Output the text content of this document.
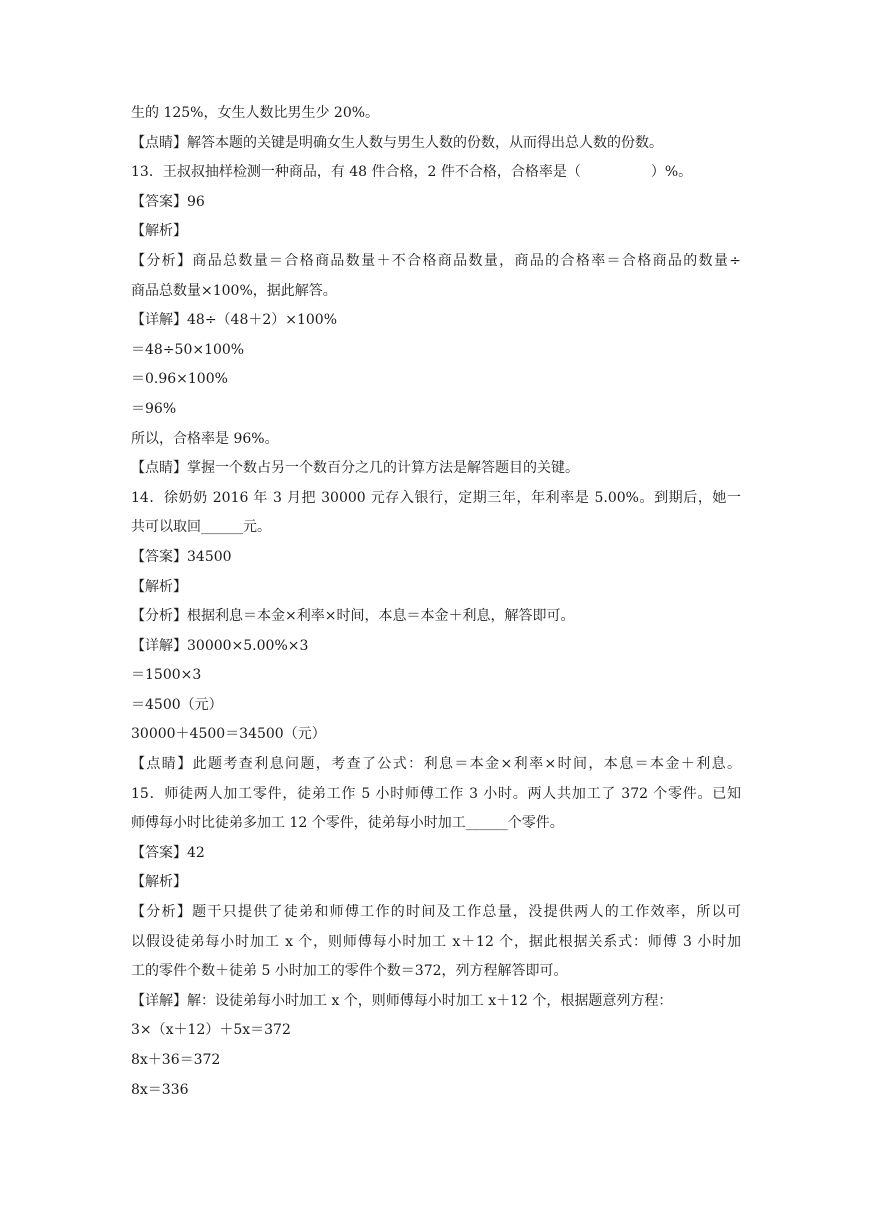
生的 125%，女生人数比男生少 20%。
【点睛】解答本题的关键是明确女生人数与男生人数的份数，从而得出总人数的份数。
13．王叔叔抽样检测一种商品，有 48 件合格，2 件不合格，合格率是（　　　　　）%。
【答案】96
【解析】
【分析】商品总数量＝合格商品数量＋不合格商品数量，商品的合格率＝合格商品的数量÷
商品总数量×100%，据此解答。
【详解】48÷（48＋2）×100%
＝48÷50×100%
＝0.96×100%
＝96%
所以，合格率是 96%。
【点睛】掌握一个数占另一个数百分之几的计算方法是解答题目的关键。
14．徐奶奶 2016 年 3 月把 30000 元存入银行，定期三年，年利率是 5.00%。到期后，她一
共可以取回______元。
【答案】34500
【解析】
【分析】根据利息＝本金×利率×时间，本息＝本金＋利息，解答即可。
【详解】30000×5.00%×3
＝1500×3
＝4500（元）
30000＋4500＝34500（元）
【点睛】此题考查利息问题，考查了公式：利息＝本金×利率×时间，本息＝本金＋利息。
15．师徒两人加工零件，徒弟工作 5 小时师傅工作 3 小时。两人共加工了 372 个零件。已知
师傅每小时比徒弟多加工 12 个零件，徒弟每小时加工______个零件。
【答案】42
【解析】
【分析】题干只提供了徒弟和师傅工作的时间及工作总量，没提供两人的工作效率，所以可
以假设徒弟每小时加工 x 个，则师傅每小时加工 x＋12 个，据此根据关系式：师傅 3 小时加
工的零件个数＋徒弟 5 小时加工的零件个数＝372，列方程解答即可。
【详解】解：设徒弟每小时加工 x 个，则师傅每小时加工 x＋12 个，根据题意列方程：
3×（x＋12）＋5x＝372
8x＋36＝372
8x＝336
